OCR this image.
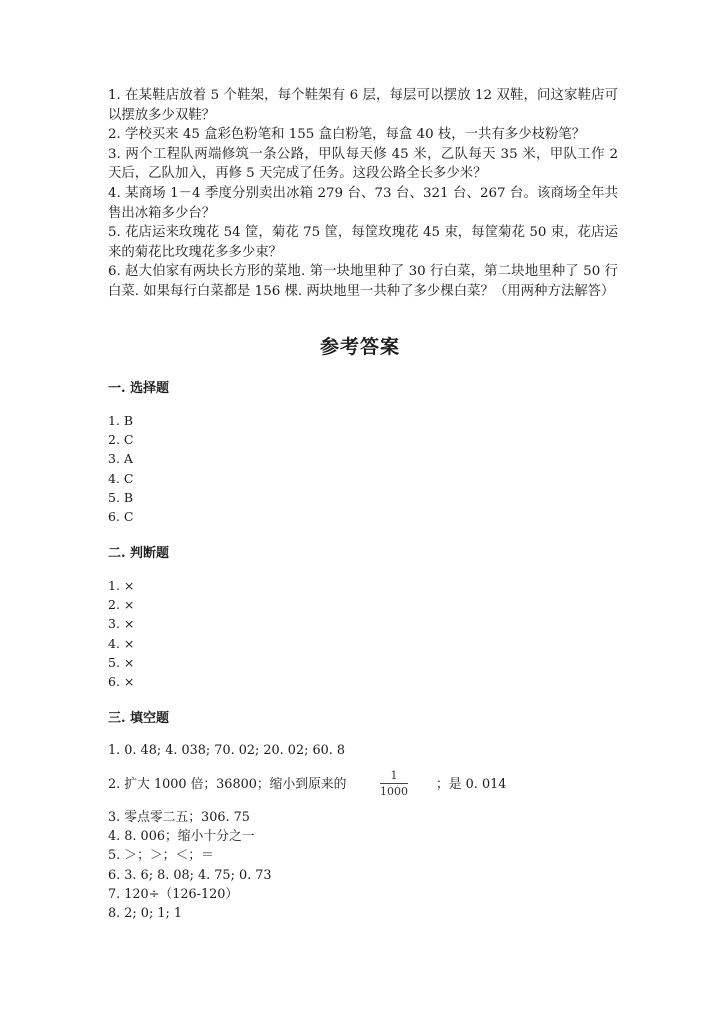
1. 在某鞋店放着 5 个鞋架，每个鞋架有 6 层，每层可以摆放 12 双鞋，问这家鞋店可以摆放多少双鞋？

2. 学校买来 45 盒彩色粉笔和 155 盒白粉笔，每盒 40 枝，一共有多少枝粉笔？

3. 两个工程队两端修筑一条公路，甲队每天修 45 米，乙队每天 35 米，甲队工作 2 天后，乙队加入，再修 5 天完成了任务。这段公路全长多少米？

4. 某商场 1－4 季度分别卖出冰箱 279 台、73 台、321 台、267 台。该商场全年共售出冰箱多少台？

5. 花店运来玫瑰花 54 筐，菊花 75 筐，每筐玫瑰花 45 束，每筐菊花 50 束，花店运来的菊花比玫瑰花多多少束？

6. 赵大伯家有两块长方形的菜地. 第一块地里种了 30 行白菜，第二块地里种了 50 行白菜. 如果每行白菜都是 156 棵. 两块地里一共种了多少棵白菜？（用两种方法解答）

参考答案
一. 选择题
1. B
2. C
3. A
4. C
5. B
6. C
二. 判断题
1. ×
2. ×
3. ×
4. ×
5. ×
6. ×
三. 填空题
1. 0. 48; 4. 038; 70. 02; 20. 02; 60. 8
2. 扩大 1000 倍；36800；缩小到原来的
1
1000 ；是 0. 014
3. 零点零二五；306. 75
4. 8. 006；缩小十分之一
5. ＞；＞；＜；＝
6. 3. 6; 8. 08; 4. 75; 0. 73
7. 120÷（126-120）
8. 2; 0; 1; 1
